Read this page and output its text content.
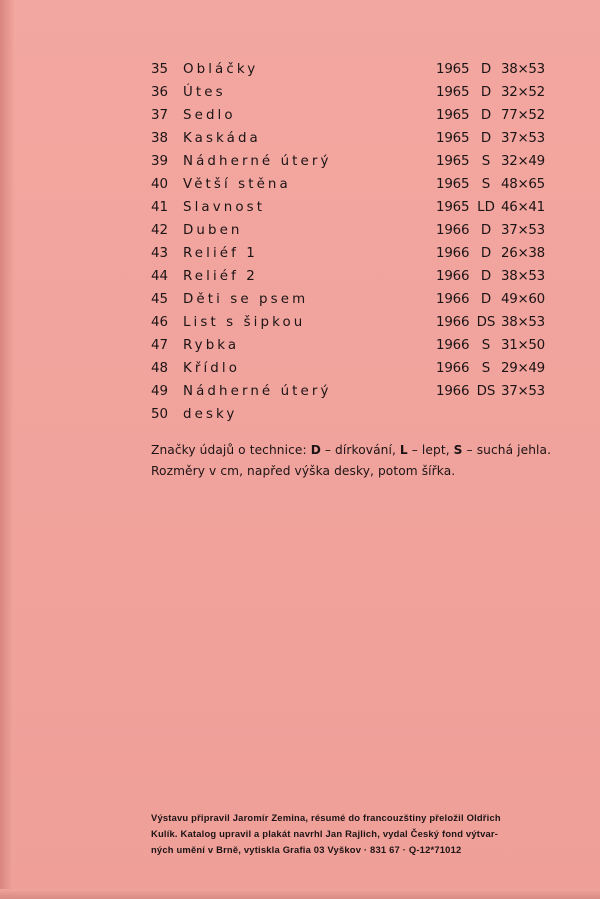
35	Obláčky	1965 D 38×53
36	Útes	1965 D 32×52
37	Sedlo	1965 D 77×52
38	Kaskáda	1965 D 37×53
39	Nádherné úterý	1965 S 32×49
40	Větší stěna	1965 S 48×65
41	Slavnost	1965 LD 46×41
42	Duben	1966 D 37×53
43	Reliéf 1	1966 D 26×38
44	Reliéf 2	1966 D 38×53
45	Děti se psem	1966 D 49×60
46	List s šipkou	1966 DS 38×53
47	Rybka	1966 S 31×50
48	Křídlo	1966 S 29×49
49	Nádherné úterý	1966 DS 37×53
50	desky
Značky údajů o technice: D – dírkování, L – lept, S – suchá jehla.
Rozměry v cm, napřed výška desky, potom šířka.
Výstavu připravil Jaromír Zemina, résumé do francouzštiny přeložil Oldřich
Kulík. Katalog upravil a plakát navrhl Jan Rajlich, vydal Český fond výtvar-
ných umění v Brně, vytiskla Grafia 03 Vyškov · 831 67 · Q-12*71012
